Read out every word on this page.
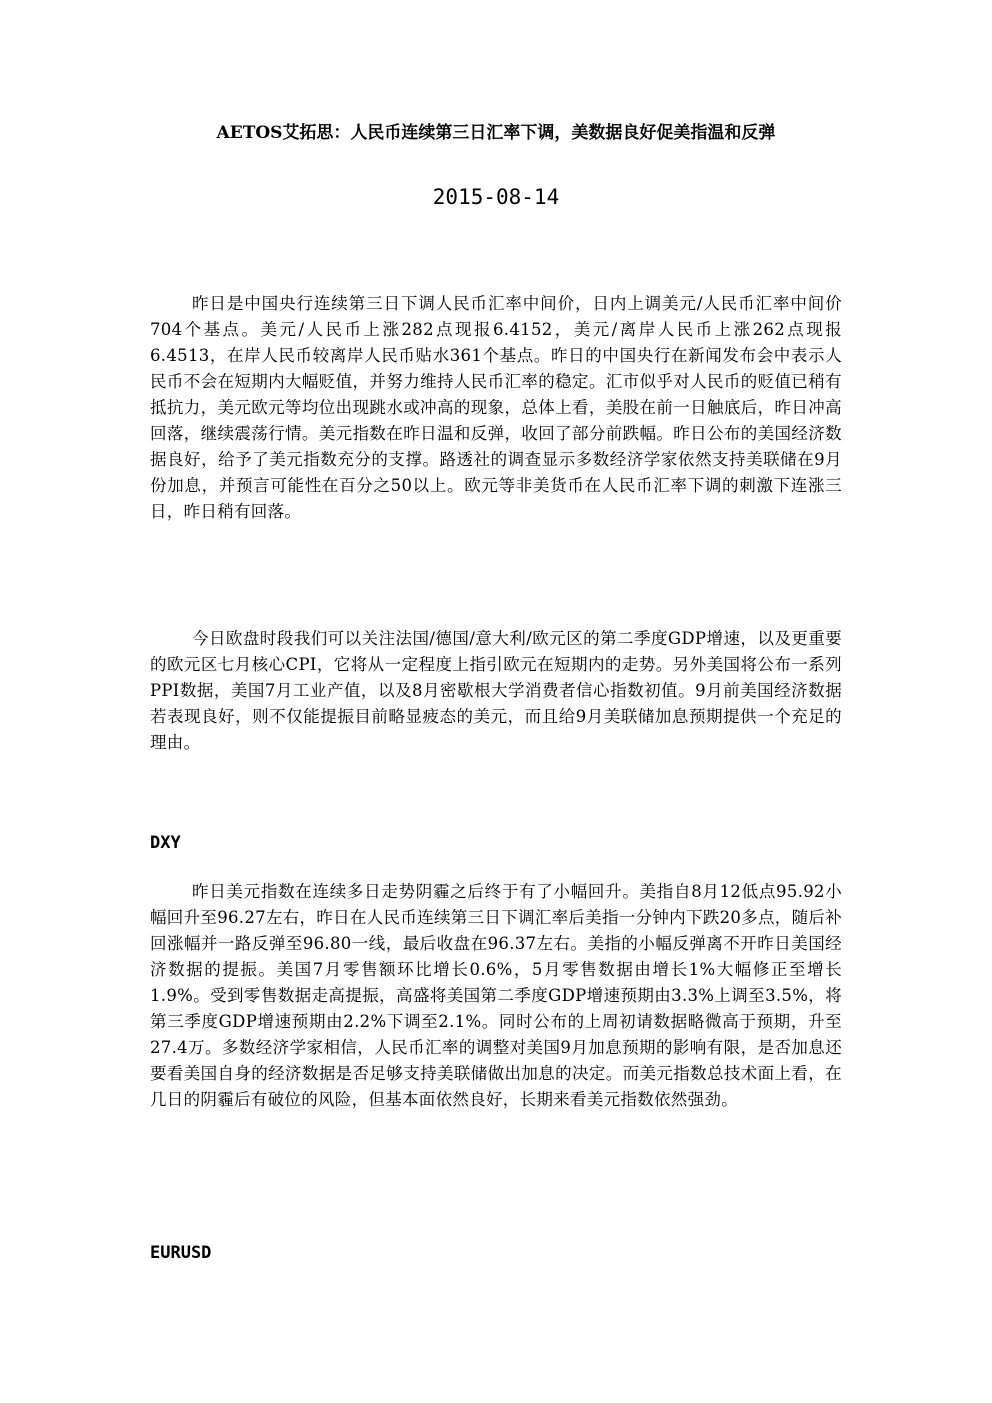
AETOS艾拓思：人民币连续第三日汇率下调，美数据良好促美指温和反弹
2015-08-14

昨日是中国央行连续第三日下调人民币汇率中间价，日内上调美元/人民币汇率中间价704个基点。美元/人民币上涨282点现报6.4152，美元/离岸人民币上涨262点现报6.4513，在岸人民币较离岸人民币贴水361个基点。昨日的中国央行在新闻发布会中表示人民币不会在短期内大幅贬值，并努力维持人民币汇率的稳定。汇市似乎对人民币的贬值已稍有抵抗力，美元欧元等均位出现跳水或冲高的现象，总体上看，美股在前一日触底后，昨日冲高回落，继续震荡行情。美元指数在昨日温和反弹，收回了部分前跌幅。昨日公布的美国经济数据良好，给予了美元指数充分的支撑。路透社的调查显示多数经济学家依然支持美联储在9月份加息，并预言可能性在百分之50以上。欧元等非美货币在人民币汇率下调的刺激下连涨三日，昨日稍有回落。

今日欧盘时段我们可以关注法国/德国/意大利/欧元区的第二季度GDP增速，以及更重要的欧元区七月核心CPI，它将从一定程度上指引欧元在短期内的走势。另外美国将公布一系列PPI数据，美国7月工业产值，以及8月密歇根大学消费者信心指数初值。9月前美国经济数据若表现良好，则不仅能提振目前略显疲态的美元，而且给9月美联储加息预期提供一个充足的理由。

DXY

昨日美元指数在连续多日走势阴霾之后终于有了小幅回升。美指自8月12低点95.92小幅回升至96.27左右，昨日在人民币连续第三日下调汇率后美指一分钟内下跌20多点，随后补回涨幅并一路反弹至96.80一线，最后收盘在96.37左右。美指的小幅反弹离不开昨日美国经济数据的提振。美国7月零售额环比增长0.6%，5月零售数据由增长1%大幅修正至增长1.9%。受到零售数据走高提振，高盛将美国第二季度GDP增速预期由3.3%上调至3.5%，将第三季度GDP增速预期由2.2%下调至2.1%。同时公布的上周初请数据略微高于预期，升至27.4万。多数经济学家相信，人民币汇率的调整对美国9月加息预期的影响有限，是否加息还要看美国自身的经济数据是否足够支持美联储做出加息的决定。而美元指数总技术面上看，在几日的阴霾后有破位的风险，但基本面依然良好，长期来看美元指数依然强劲。

EURUSD
